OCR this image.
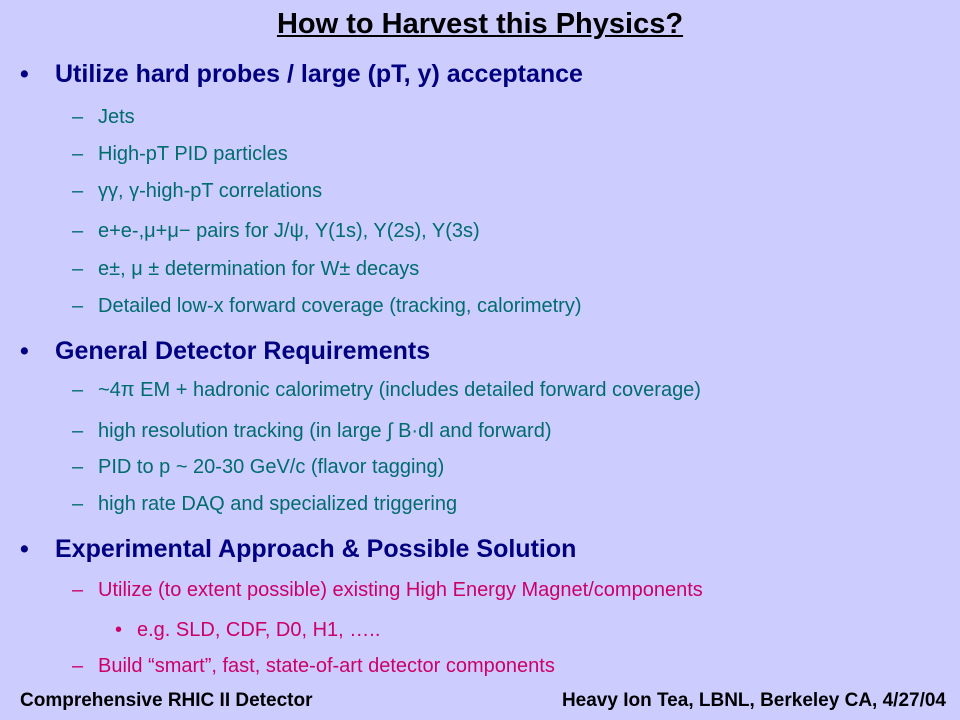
How to Harvest this Physics?
• Utilize hard probes / large (pT, y) acceptance
– Jets
– High-pT PID particles
– γγ, γ-high-pT correlations
– e+e-,μ+μ− pairs for J/ψ, Y(1s), Y(2s), Y(3s)
– e±, μ ± determination for W± decays
– Detailed low-x forward coverage (tracking, calorimetry)
• General Detector Requirements
– ~4π EM + hadronic calorimetry (includes detailed forward coverage)
– high resolution tracking (in large ∫ B·dl and forward)
– PID to p ~ 20-30 GeV/c (flavor tagging)
– high rate DAQ and specialized triggering
• Experimental Approach & Possible Solution
– Utilize (to extent possible) existing High Energy Magnet/components
• e.g. SLD, CDF, D0, H1, …..
– Build “smart”, fast, state-of-art detector components
Comprehensive RHIC II Detector	Heavy Ion Tea, LBNL, Berkeley CA, 4/27/04
